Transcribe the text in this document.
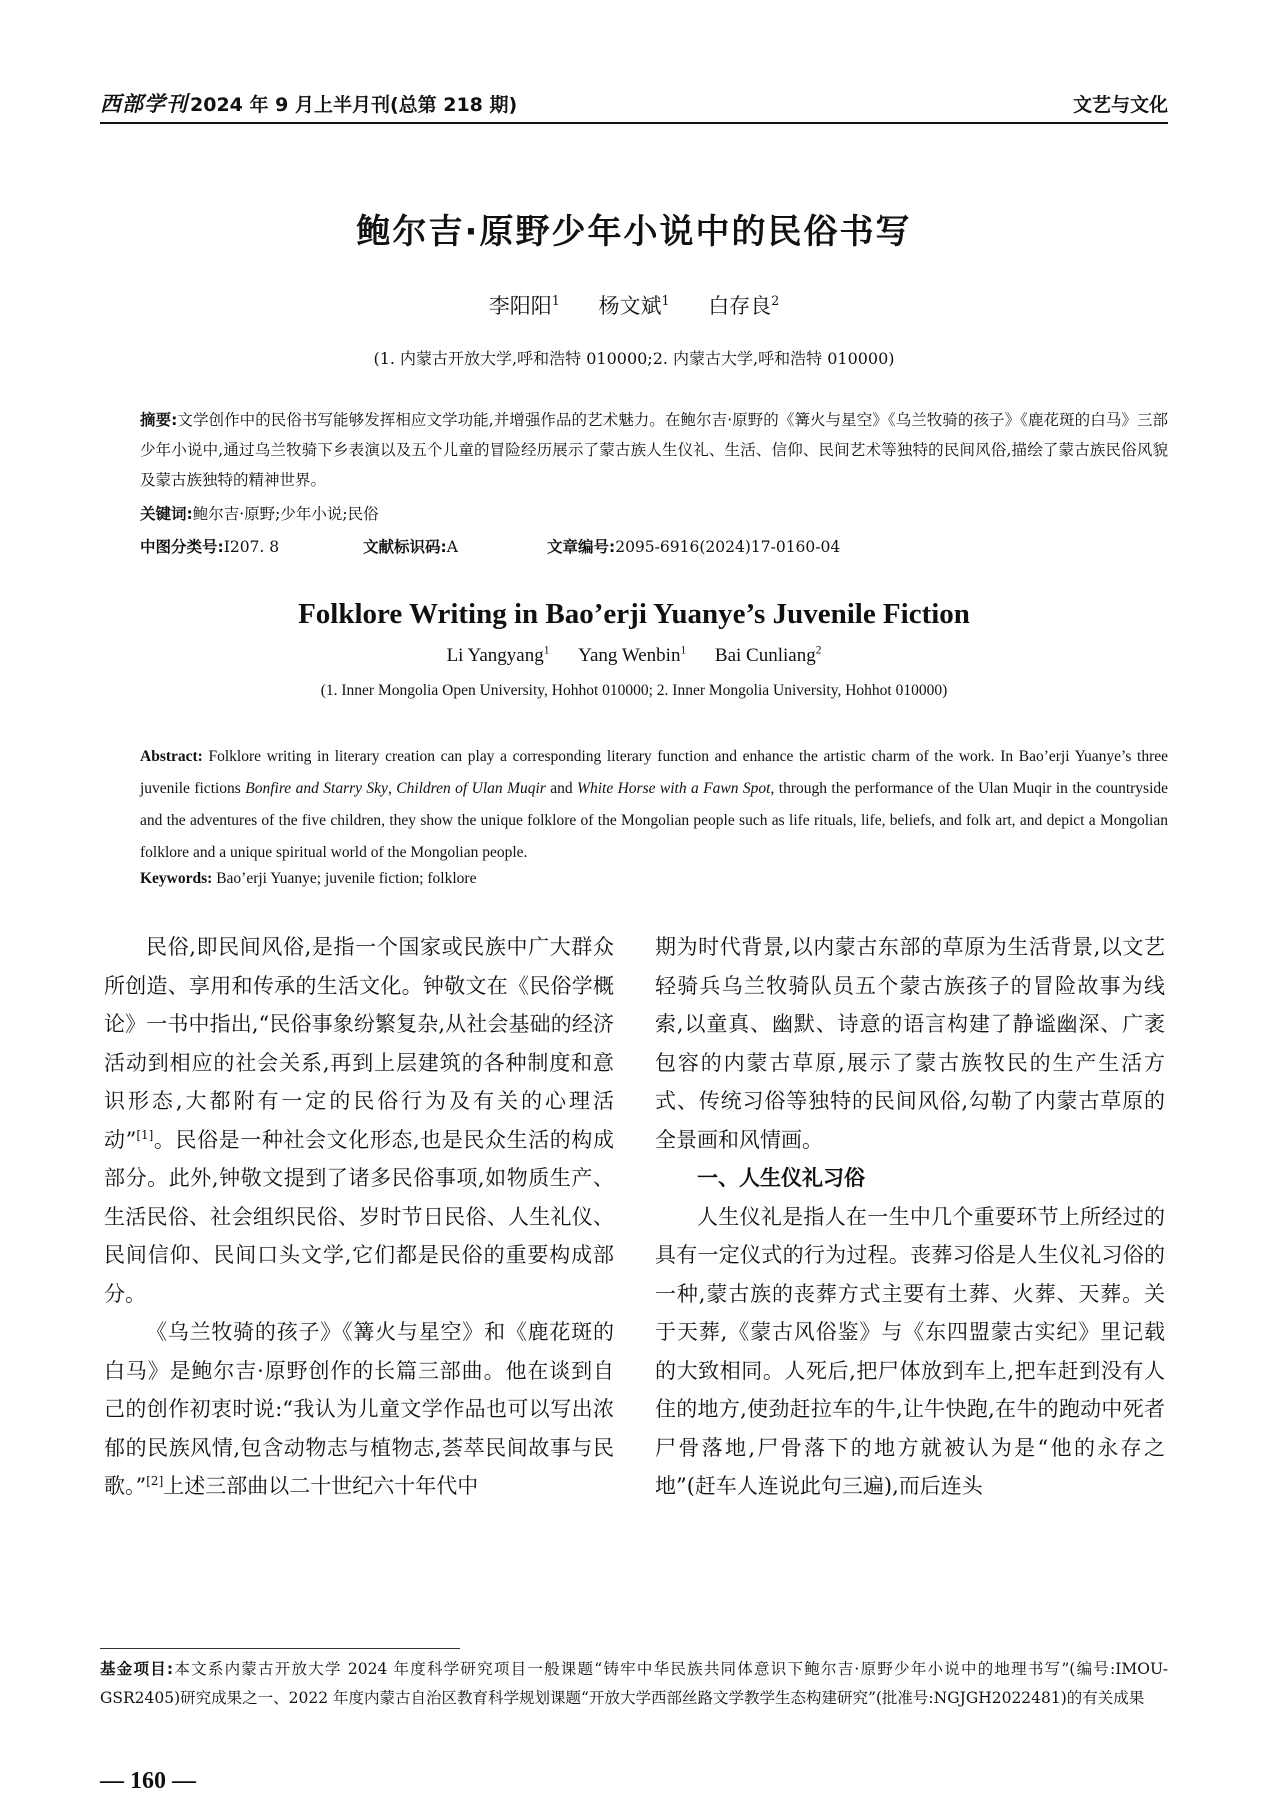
西部学刊 2024 年 9 月上半月刊(总第 218 期)	文艺与文化
鲍尔吉·原野少年小说中的民俗书写
李阳阳$^1$ 杨文斌$^1$ 白存良$^2$
(1. 内蒙古开放大学,呼和浩特 010000;2. 内蒙古大学,呼和浩特 010000)
摘要:文学创作中的民俗书写能够发挥相应文学功能,并增强作品的艺术魅力。在鲍尔吉·原野的《篝火与星空》《乌兰牧骑的孩子》《鹿花斑的白马》三部少年小说中,通过乌兰牧骑下乡表演以及五个儿童的冒险经历展示了蒙古族人生仪礼、生活、信仰、民间艺术等独特的民间风俗,描绘了蒙古族民俗风貌及蒙古族独特的精神世界。
关键词:鲍尔吉·原野;少年小说;民俗
中图分类号:I207. 8	文献标识码:A	文章编号:2095-6916(2024)17-0160-04
Folklore Writing in Bao’erji Yuanye’s Juvenile Fiction
Li Yangyang$^1$ Yang Wenbin$^1$ Bai Cunliang$^2$
(1. Inner Mongolia Open University, Hohhot 010000; 2. Inner Mongolia University, Hohhot 010000)
Abstract: Folklore writing in literary creation can play a corresponding literary function and enhance the artistic charm of the work. In Bao’erji Yuanye’s three juvenile fictions Bonfire and Starry Sky, Children of Ulan Muqir and White Horse with a Fawn Spot, through the performance of the Ulan Muqir in the countryside and the adventures of the five children, they show the unique folklore of the Mongolian people such as life rituals, life, beliefs, and folk art, and depict a Mongolian folklore and a unique spiritual world of the Mongolian people.
Keywords: Bao’erji Yuanye; juvenile fiction; folklore

民俗,即民间风俗,是指一个国家或民族中广大群众所创造、享用和传承的生活文化。钟敬文在《民俗学概论》一书中指出,“民俗事象纷繁复杂,从社会基础的经济活动到相应的社会关系,再到上层建筑的各种制度和意识形态,大都附有一定的民俗行为及有关的心理活动”[1]。民俗是一种社会文化形态,也是民众生活的构成部分。此外,钟敬文提到了诸多民俗事项,如物质生产、生活民俗、社会组织民俗、岁时节日民俗、人生礼仪、民间信仰、民间口头文学,它们都是民俗的重要构成部分。

《乌兰牧骑的孩子》《篝火与星空》和《鹿花斑的白马》是鲍尔吉·原野创作的长篇三部曲。他在谈到自己的创作初衷时说:“我认为儿童文学作品也可以写出浓郁的民族风情,包含动物志与植物志,荟萃民间故事与民歌。”[2]上述三部曲以二十世纪六十年代中

期为时代背景,以内蒙古东部的草原为生活背景,以文艺轻骑兵乌兰牧骑队员五个蒙古族孩子的冒险故事为线索,以童真、幽默、诗意的语言构建了静谧幽深、广袤包容的内蒙古草原,展示了蒙古族牧民的生产生活方式、传统习俗等独特的民间风俗,勾勒了内蒙古草原的全景画和风情画。

一、人生仪礼习俗

人生仪礼是指人在一生中几个重要环节上所经过的具有一定仪式的行为过程。丧葬习俗是人生仪礼习俗的一种,蒙古族的丧葬方式主要有土葬、火葬、天葬。关于天葬,《蒙古风俗鉴》与《东四盟蒙古实纪》里记载的大致相同。人死后,把尸体放到车上,把车赶到没有人住的地方,使劲赶拉车的牛,让牛快跑,在牛的跑动中死者尸骨落地,尸骨落下的地方就被认为是“他的永存之地”(赶车人连说此句三遍),而后连头

基金项目:本文系内蒙古开放大学 2024 年度科学研究项目一般课题“铸牢中华民族共同体意识下鲍尔吉·原野少年小说中的地理书写”(编号:IMOU-GSR2405)研究成果之一、2022 年度内蒙古自治区教育科学规划课题“开放大学西部丝路文学教学生态构建研究”(批准号:NGJGH2022481)的有关成果
— 160 —
